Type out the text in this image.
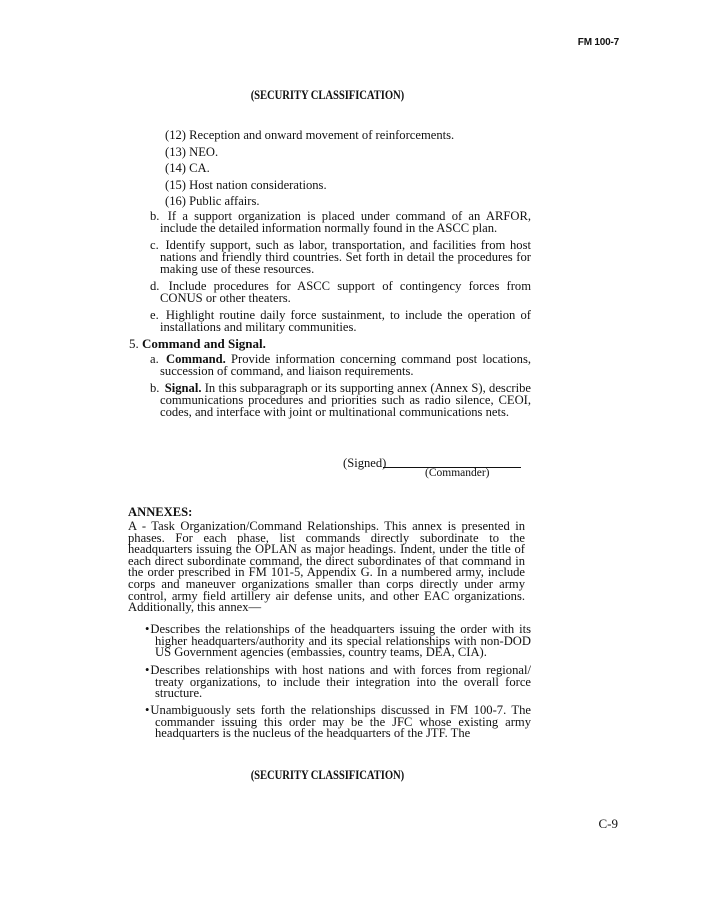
FM 100-7
(SECURITY CLASSIFICATION)
(12) Reception and onward movement of reinforcements.
(13) NEO.
(14) CA.
(15) Host nation considerations.
(16) Public affairs.
b. If a support organization is placed under command of an ARFOR, include the detailed information normally found in the ASCC plan.
c. Identify support, such as labor, transportation, and facilities from host nations and friendly third countries. Set forth in detail the procedures for making use of these resources.
d. Include procedures for ASCC support of contingency forces from CONUS or other theaters.
e. Highlight routine daily force sustainment, to include the operation of installations and military communities.
5. Command and Signal.
a. Command. Provide information concerning command post locations, succession of command, and liaison requirements.
b. Signal. In this subparagraph or its supporting annex (Annex S), describe communications procedures and priorities such as radio silence, CEOI, codes, and interface with joint or multinational communications nets.
(Signed)
(Commander)
ANNEXES:
A - Task Organization/Command Relationships. This annex is presented in phases. For each phase, list commands directly subordinate to the headquarters issuing the OPLAN as major headings. Indent, under the title of each direct subordinate command, the direct subordinates of that command in the order prescribed in FM 101-5, Appendix G. In a numbered army, include corps and maneuver organizations smaller than corps directly under army control, army field artillery air defense units, and other EAC organizations. Additionally, this annex—
•Describes the relationships of the headquarters issuing the order with its higher headquarters/authority and its special relationships with non-DOD US Government agencies (embassies, country teams, DEA, CIA).
•Describes relationships with host nations and with forces from regional/ treaty organizations, to include their integration into the overall force structure.
•Unambiguously sets forth the relationships discussed in FM 100-7. The commander issuing this order may be the JFC whose existing army headquarters is the nucleus of the headquarters of the JTF. The
(SECURITY CLASSIFICATION)
C-9
